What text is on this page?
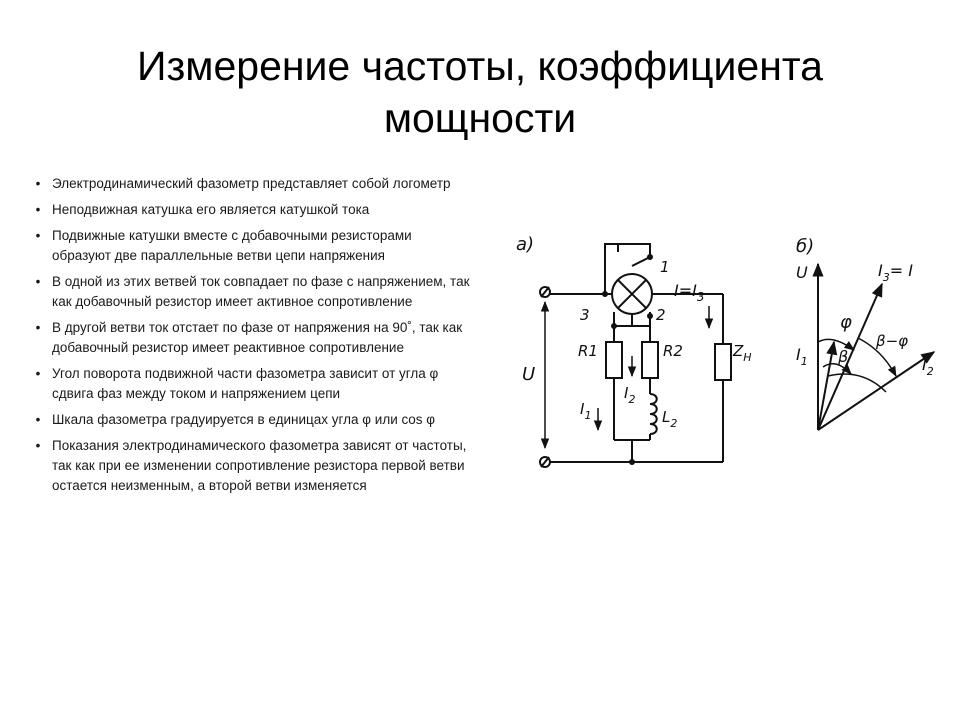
Измерение частоты, коэффициента мощности
• Электродинамический фазометр представляет собой логометр
• Неподвижная катушка его является катушкой тока
• Подвижные катушки вместе с добавочными резисторами образуют две параллельные ветви цепи напряжения
• В одной из этих ветвей ток совпадает по фазе с напряжением, так как добавочный резистор имеет активное сопротивление
• В другой ветви ток отстает по фазе от напряжения на 90˚, так как добавочный резистор имеет реактивное сопротивление
• Угол поворота подвижной части фазометра зависит от угла φ сдвига фаз между током и напряжением цепи
• Шкала фазометра градуируется в единицах угла φ или cos φ
• Показания электродинамического фазометра зависят от частоты, так как при ее изменении сопротивление резистора первой ветви остается неизменным, а второй ветви изменяется
а)
1
2
3
$I=I_3$
U
R1	R2	$Z_Н$
$I_1$
$I_2$
$L_2$
б)
U	$I_3= I$
φ
$I_1$ β
β−φ
$I_2$
